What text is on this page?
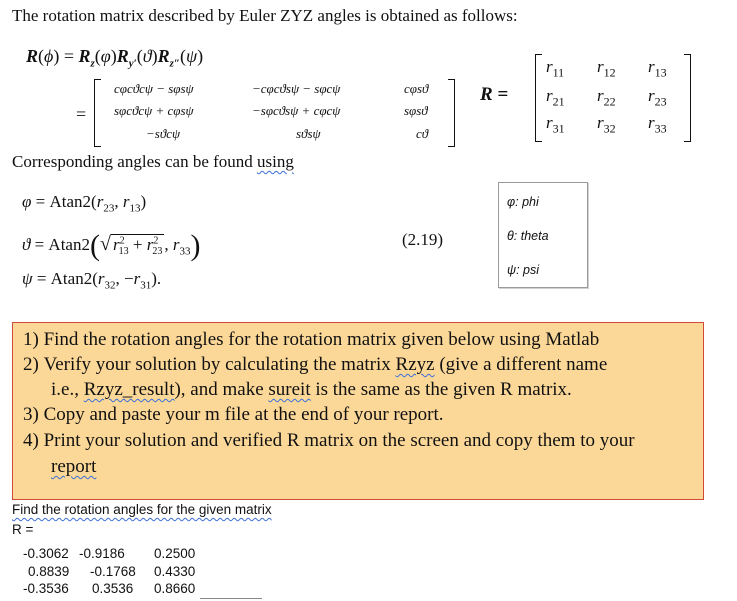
The rotation matrix described by Euler ZYZ angles is obtained as follows:
$R(\phi) = R_z(\varphi)R_{y'}(ϑ)R_{z''}(\psi)$
=
cφcϑcψ − sφsψ	−cφcϑsψ − sφcψ	cφsϑ
sφcϑcψ + cφsψ	−sφcϑsψ + cφcψ	sφsϑ
−sϑcψ	sϑsψ	cϑ
R =
$r_{11}$ $r_{12}$ $r_{13}$
$r_{21}$ $r_{22}$ $r_{23}$
$r_{31}$ $r_{32}$ $r_{33}$
Corresponding angles can be found using
$\varphi = Atan2(r_{23}$, $r_{13}$)
ϑ = Atan2(√ $r^2_{13} + r^2_{23}$ , $r_{33}$)
$\psi = Atan2(r_{32}$, $-r_{31}$).
(2.19)
φ: phi
θ: theta
ψ: psi
1) Find the rotation angles for the rotation matrix given below using Matlab
2) Verify your solution by calculating the matrix Rzyz (give a different name
i.e., Rzyz_result), and make sureit is the same as the given R matrix.
3) Copy and paste your m file at the end of your report.
4) Print your solution and verified R matrix on the screen and copy them to your
report
Find the rotation angles for the given matrix
R =
-0.3062 -0.9186 0.2500
0.8839 -0.1768 0.4330
-0.3536 0.3536 0.8660
